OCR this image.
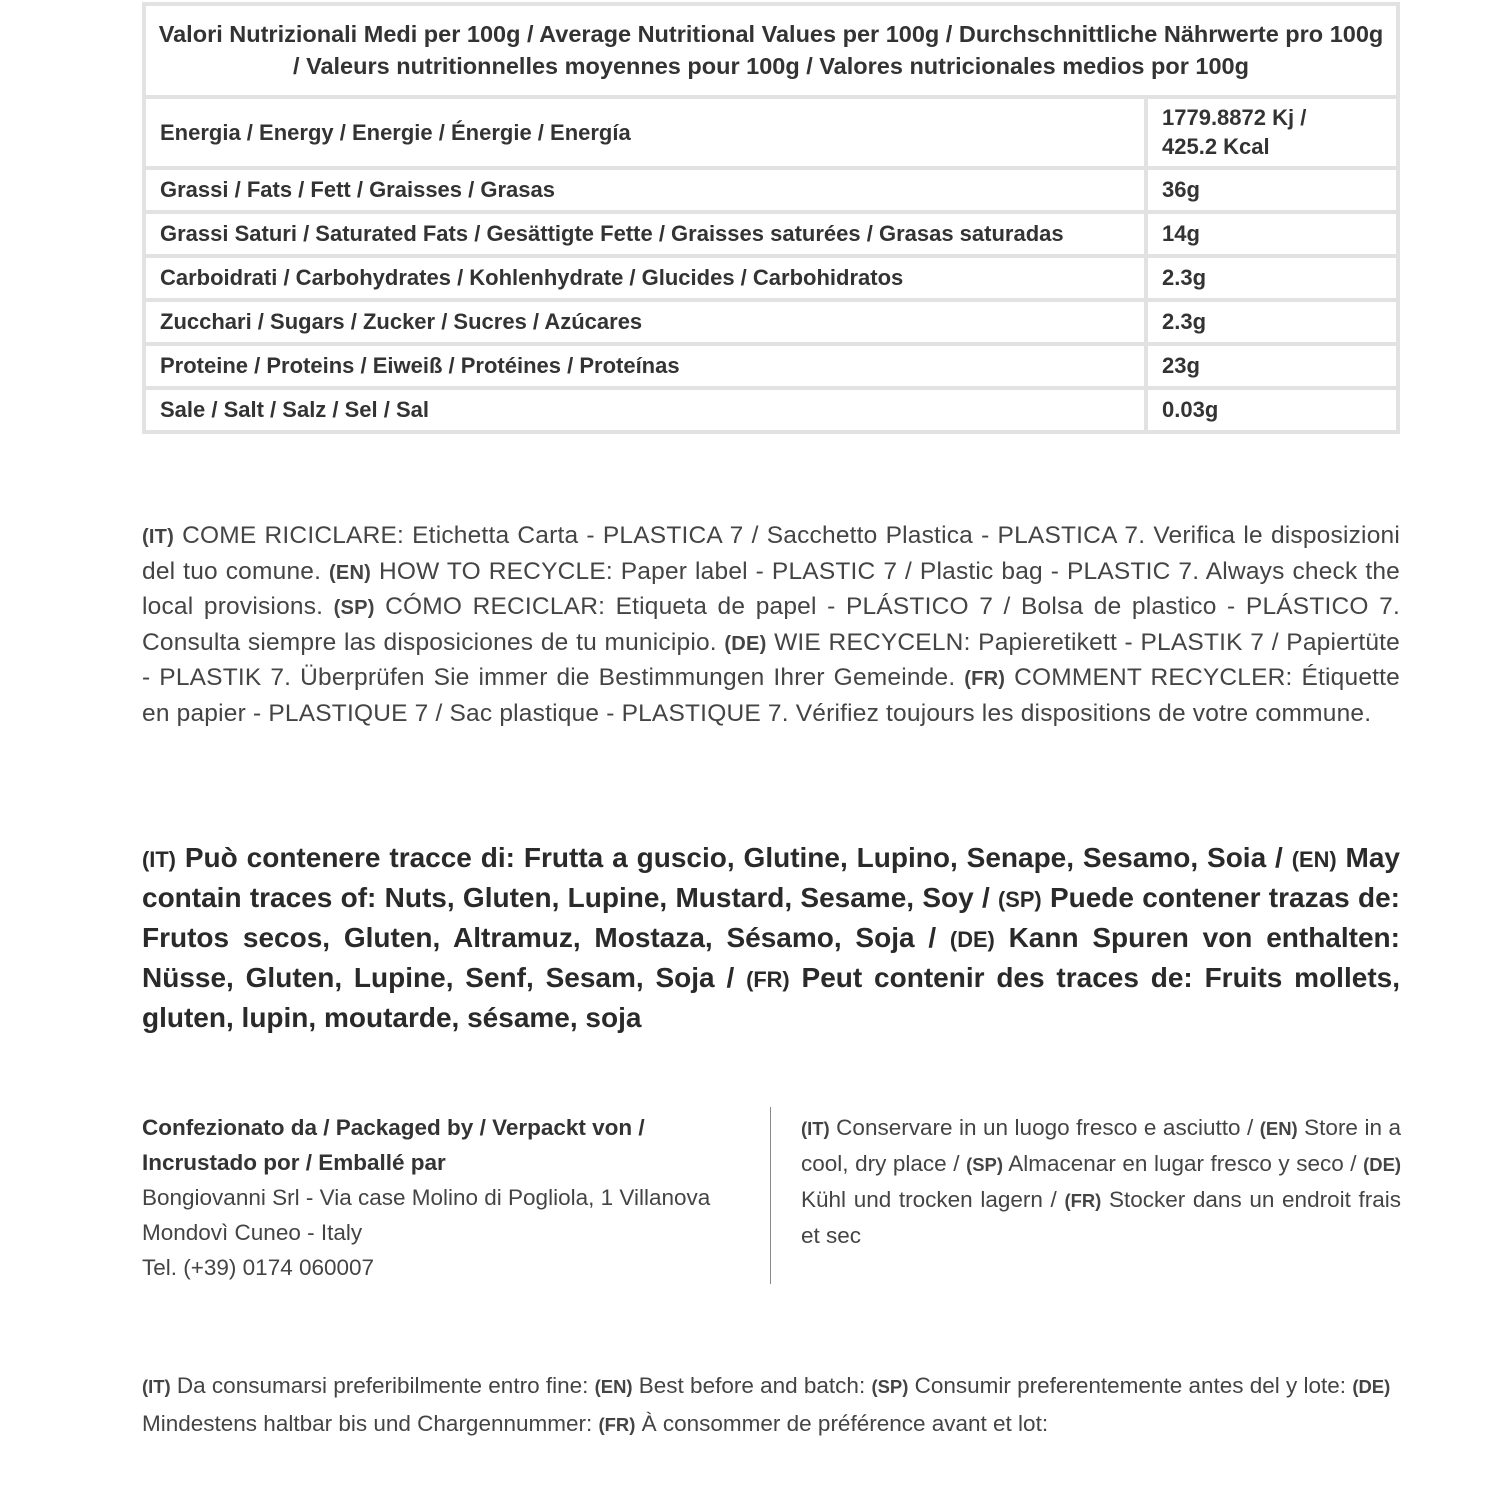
Valori Nutrizionali Medi per 100g / Average Nutritional Values per 100g / Durchschnittliche Nährwerte pro 100g / Valeurs nutritionnelles moyennes pour 100g / Valores nutricionales medios por 100g	
Energia / Energy / Energie / Énergie / Energía	1779.8872 Kj /
425.2 Kcal

Grassi / Fats / Fett / Graisses / Grasas	36g
Grassi Saturi / Saturated Fats / Gesättigte Fette / Graisses saturées / Grasas saturadas	14g
Carboidrati / Carbohydrates / Kohlenhydrate / Glucides / Carbohidratos	2.3g
Zucchari / Sugars / Zucker / Sucres / Azúcares	2.3g
Proteine / Proteins / Eiweiß / Protéines / Proteínas	23g
Sale / Salt / Salz / Sel / Sal	0.03g
(IT) COME RICICLARE: Etichetta Carta - PLASTICA 7 / Sacchetto Plastica - PLASTICA 7. Verifica le disposizioni del tuo comune. (EN) HOW TO RECYCLE: Paper label - PLASTIC 7 / Plastic bag - PLASTIC 7. Always check the local provisions. (SP) CÓMO RECICLAR: Etiqueta de papel - PLÁSTICO 7 / Bolsa de plastico - PLÁSTICO 7. Consulta siempre las disposiciones de tu municipio. (DE) WIE RECYCELN: Papieretikett - PLASTIK 7 / Papiertüte - PLASTIK 7. Überprüfen Sie immer die Bestimmungen Ihrer Gemeinde. (FR) COMMENT RECYCLER: Étiquette en papier - PLASTIQUE 7 / Sac plastique - PLASTIQUE 7. Vérifiez toujours les dispositions de votre commune.
(IT) Può contenere tracce di: Frutta a guscio, Glutine, Lupino, Senape, Sesamo, Soia / (EN) May contain traces of: Nuts, Gluten, Lupine, Mustard, Sesame, Soy / (SP) Puede contener trazas de: Frutos secos, Gluten, Altramuz, Mostaza, Sésamo, Soja / (DE) Kann Spuren von enthalten: Nüsse, Gluten, Lupine, Senf, Sesam, Soja / (FR) Peut contenir des traces de: Fruits mollets, gluten, lupin, moutarde, sésame, soja
Confezionato da / Packaged by / Verpackt von /
Incrustado por / Emballé par
Bongiovanni Srl - Via case Molino di Pogliola, 1 Villanova
Mondovì Cuneo - Italy
Tel. (+39) 0174 060007
(IT) Conservare in un luogo fresco e asciutto / (EN) Store in a cool, dry place / (SP) Almacenar en lugar fresco y seco / (DE) Kühl und trocken lagern / (FR) Stocker dans un endroit frais et sec
(IT) Da consumarsi preferibilmente entro fine: (EN) Best before and batch: (SP) Consumir preferentemente antes del y lote: (DE) Mindestens haltbar bis und Chargennummer: (FR) À consommer de préférence avant et lot:
